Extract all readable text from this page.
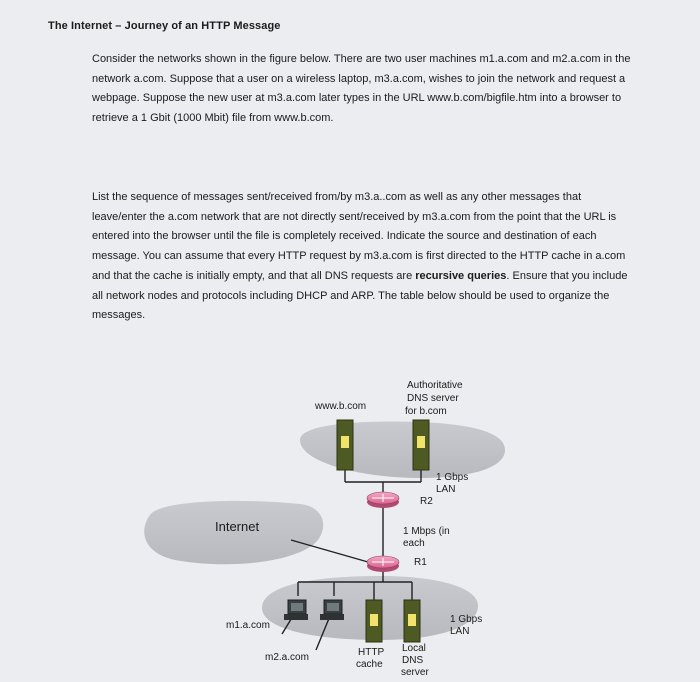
The Internet – Journey of an HTTP Message

Consider the networks shown in the figure below. There are two user machines m1.a.com and m2.a.com in the network a.com. Suppose that a user on a wireless laptop, m3.a.com, wishes to join the network and request a webpage. Suppose the new user at m3.a.com later types in the URL www.b.com/bigfile.htm into a browser to retrieve a 1 Gbit (1000 Mbit) file from www.b.com.

List the sequence of messages sent/received from/by m3.a..com as well as any other messages that leave/enter the a.com network that are not directly sent/received by m3.a.com from the point that the URL is entered into the browser until the file is completely received. Indicate the source and destination of each message. You can assume that every HTTP request by m3.a.com is first directed to the HTTP cache in a.com and that the cache is initially empty, and that all DNS requests are recursive queries. Ensure that you include all network nodes and protocols including DHCP and ARP. The table below should be used to organize the messages.

Authoritative
DNS server
for b.com
www.b.com
1 Gbps
LAN
R2
Internet	1 Mbps (in
each
R1
1 Gbps
LAN
m1.a.com
m2.a.com	HTTP
cache
Local
DNS
server
